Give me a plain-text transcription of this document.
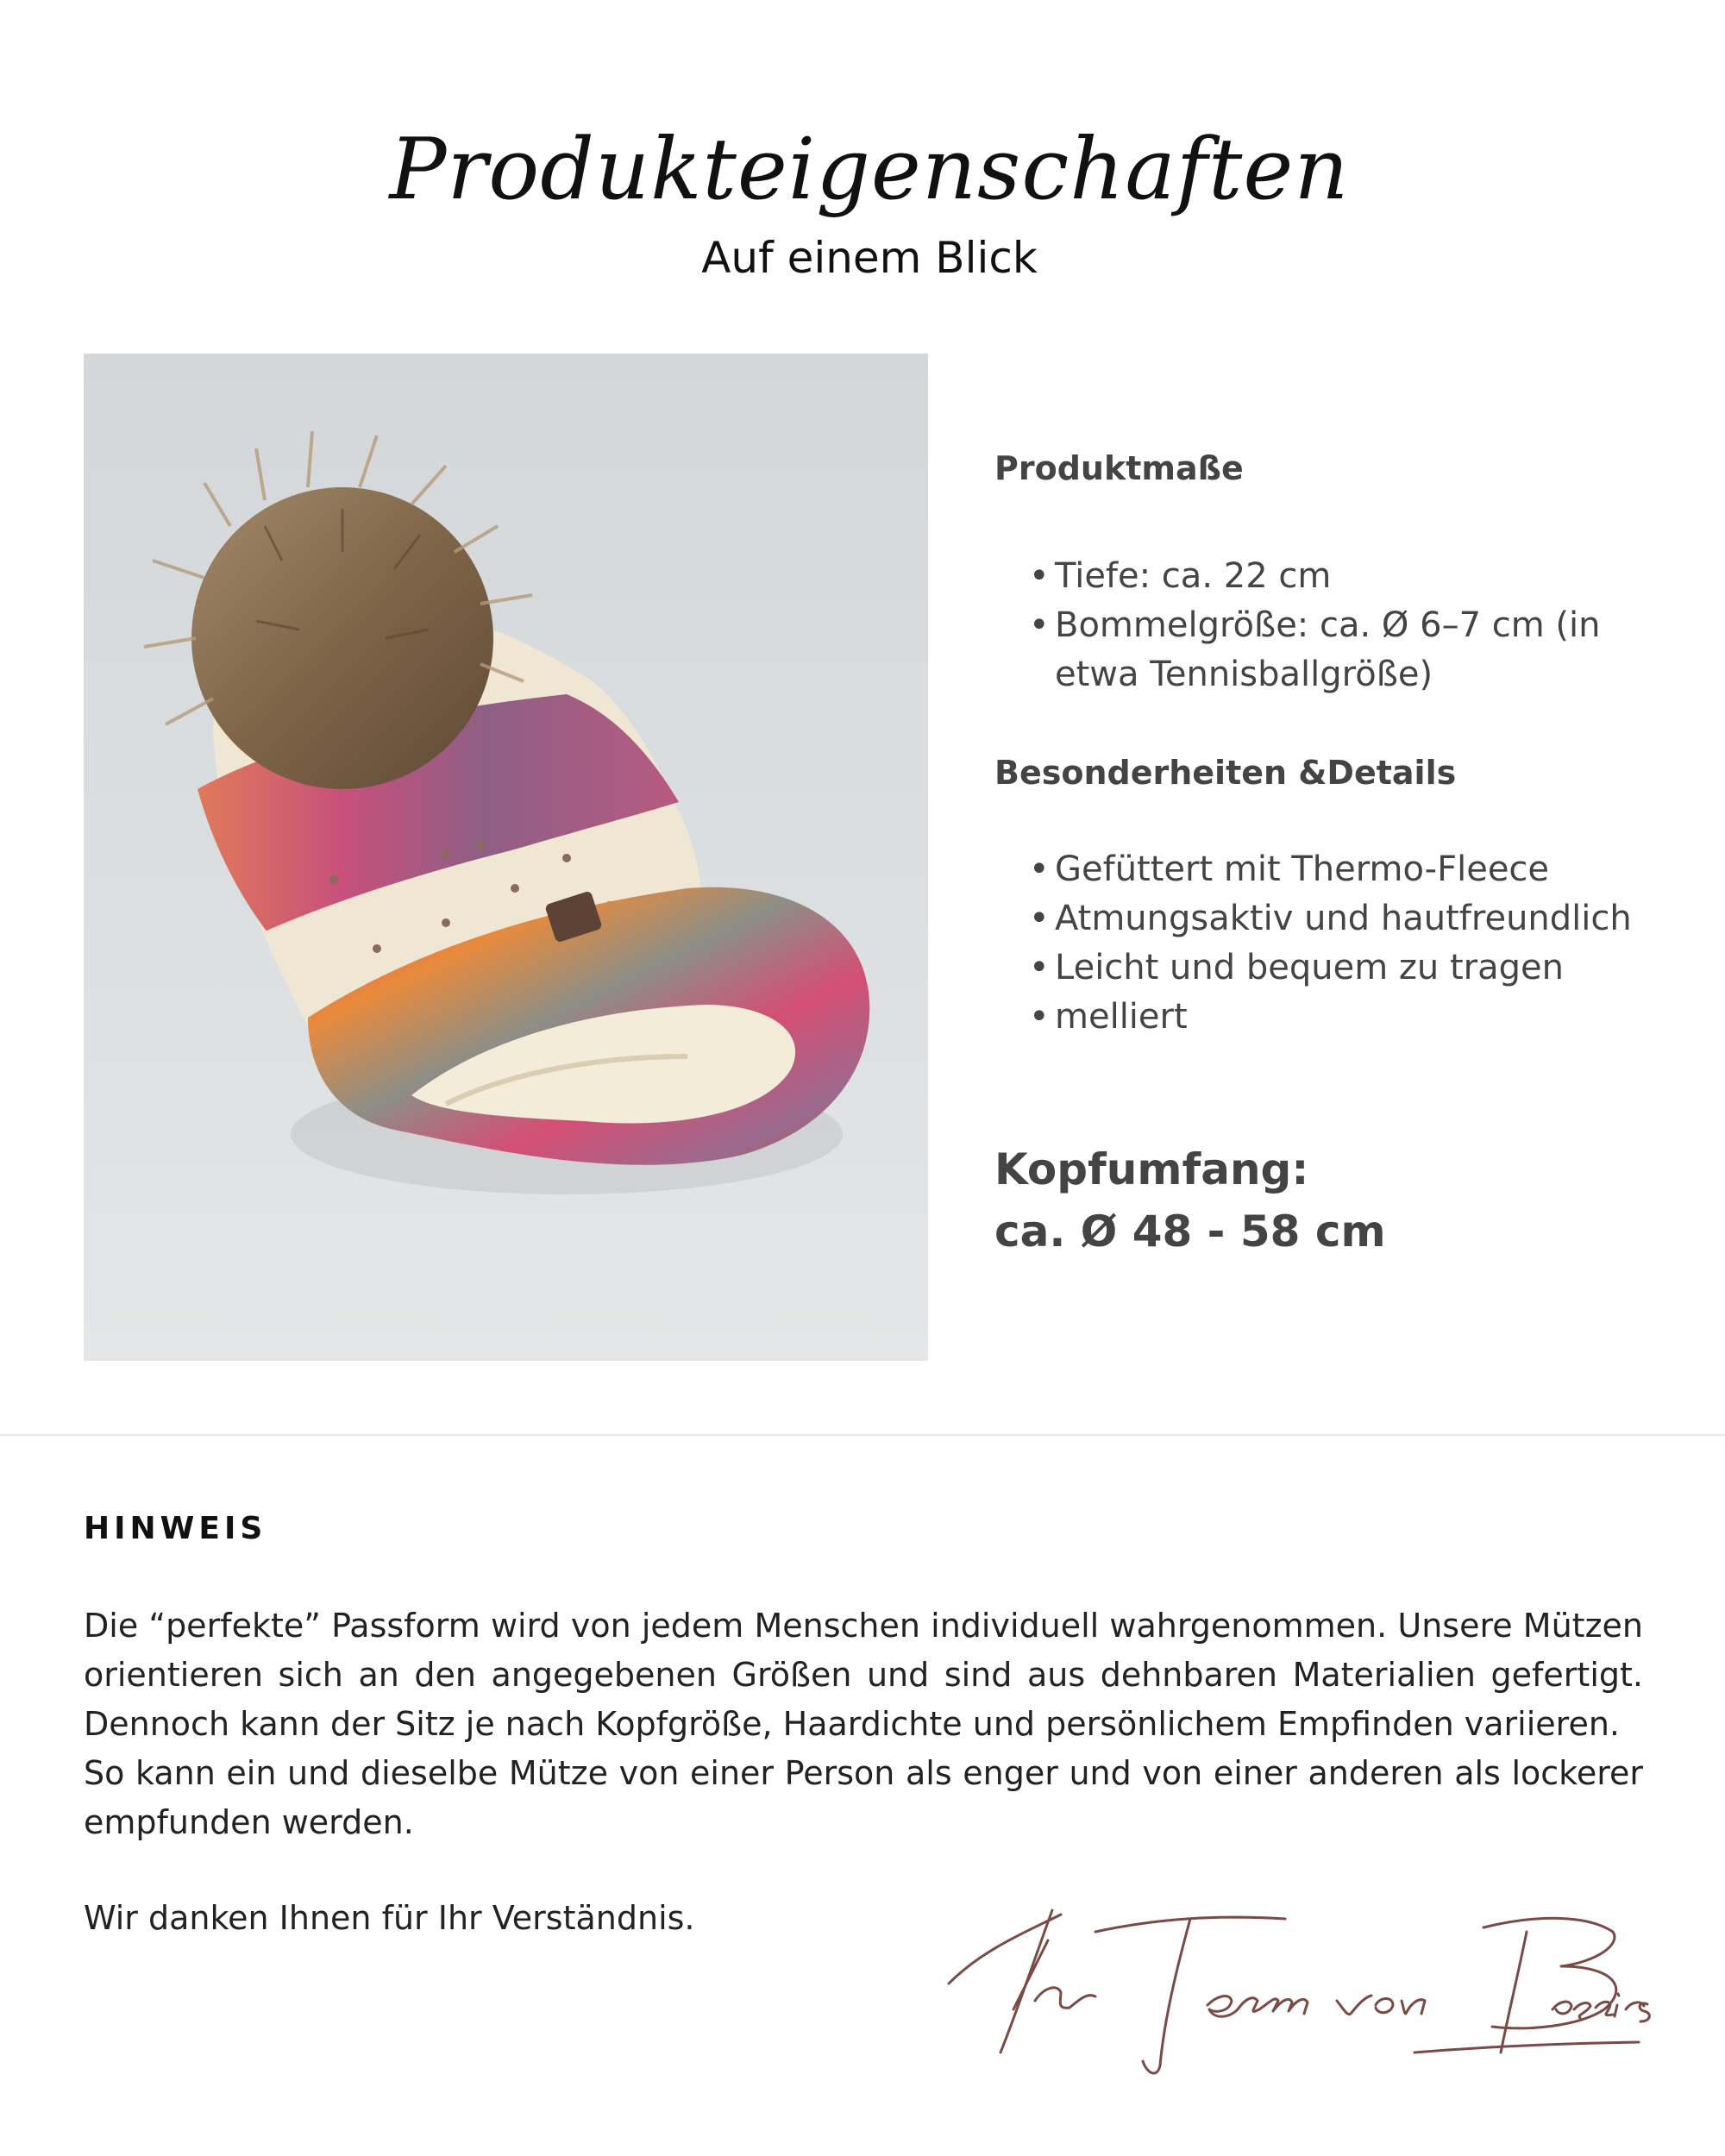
Produkteigenschaften
Auf einem Blick
Produktmaße
• Tiefe: ca. 22 cm
• Bommelgröße: ca. Ø 6–7 cm (in etwa Tennisballgröße)
Besonderheiten &Details
• Gefüttert mit Thermo-Fleece
• Atmungsaktiv und hautfreundlich
• Leicht und bequem zu tragen
• melliert
Kopfumfang:
ca. Ø 48 - 58 cm
HINWEIS

Die “perfekte” Passform wird von jedem Menschen individuell wahrgenommen. Unsere Mützen orientieren sich an den angegebenen Größen und sind aus dehnbaren Materialien gefertigt. Dennoch kann der Sitz je nach Kopfgröße, Haardichte und persönlichem Empfinden variieren.

So kann ein und dieselbe Mütze von einer Person als enger und von einer anderen als lockerer empfunden werden.

Wir danken Ihnen für Ihr Verständnis.
